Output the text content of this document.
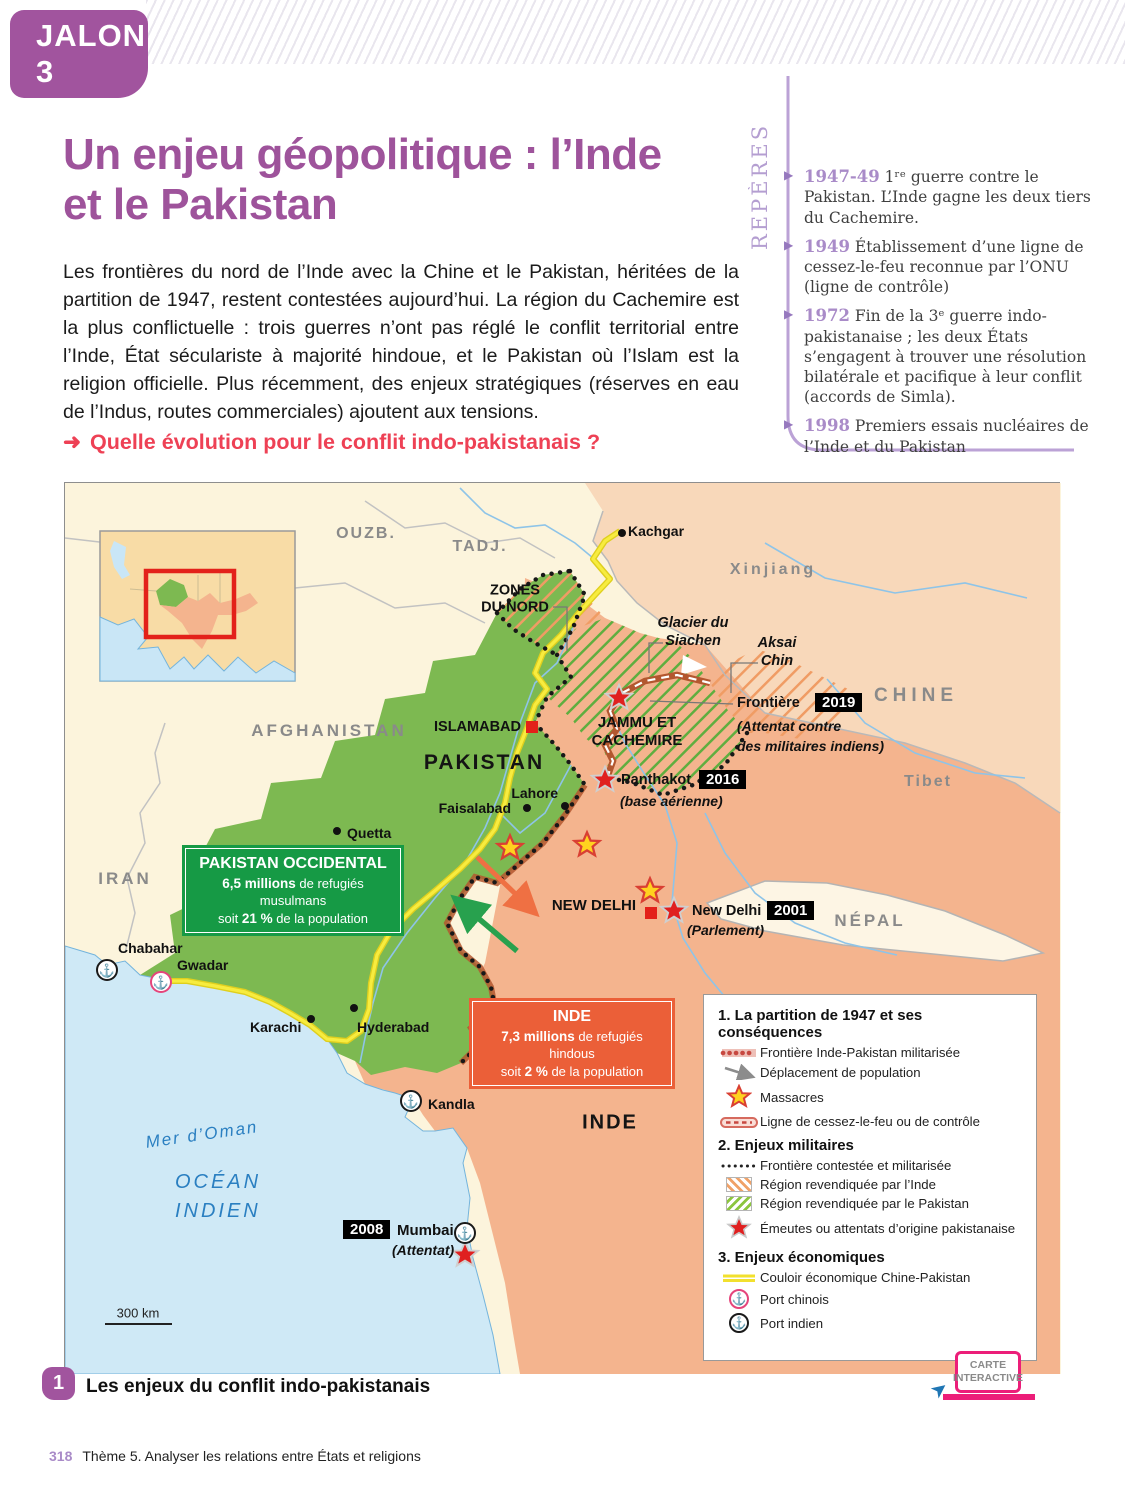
JALON 3
Un enjeu géopolitique : l’Inde
et le Pakistan
Les frontières du nord de l’Inde avec la Chine et le Pakistan, héritées de la partition de 1947, restent contestées aujourd’hui. La région du Cachemire est la plus conflictuelle : trois guerres n’ont pas réglé le conflit territorial entre l’Inde, État séculariste à majorité hindoue, et le Pakistan où l’Islam est la religion officielle. Plus récemment, des enjeux stratégiques (réserves en eau de l’Indus, routes commerciales) ajoutent aux tensions.
➜ Quelle évolution pour le conflit indo-pakistanais ?
REPÈRES ▶ 1947-49 1ʳᵉ guerre contre le Pakistan. L’Inde gagne les deux tiers du Cachemire.
▶ 1949 Établissement d’une ligne de cessez-le-feu reconnue par l’ONU (ligne de contrôle)
▶ 1972 Fin de la 3ᵉ guerre indo-pakistanaise ; les deux États s’engagent à trouver une résolution bilatérale et pacifique à leur conflit (accords de Simla).
▶ 1998 Premiers essais nucléaires de l’Inde et du Pakistan
OUZB.
TADJ.
Xinjiang
CHINE
Tibet
AFGHANISTAN
IRAN
NÉPAL
PAKISTAN
INDE
ZONES
DU NORD
Glacier du
Siachen	Aksai
Chin
JAMMU ET
CACHEMIRE
Mer d’Oman
OCÉAN
INDIEN
Kachgar
ISLAMABAD
Lahore
Faisalabad
Quetta
Chabahar
Gwadar
Karachi	Hyderabad
Kandla
NEW DELHI
Frontière	2019
(Attentat contre
des militaires indiens)
Panthakot 2016
(base aérienne)
New Delhi 2001
(Parlement)
2008 Mumbai
(Attentat)
⚓
⚓
⚓
⚓
300 km
PAKISTAN OCCIDENTAL
6,5 millions de refugiés musulmans
soit 21 % de la population
INDE
7,3 millions de refugiés hindous
soit 2 % de la population
1. La partition de 1947 et ses conséquences
Frontière Inde-Pakistan militarisée
Déplacement de population
Massacres
Ligne de cessez-le-feu ou de contrôle
2. Enjeux militaires
Frontière contestée et militarisée
Région revendiquée par l’Inde
Région revendiquée par le Pakistan
Émeutes ou attentats d’origine pakistanaise
3. Enjeux économiques
Couloir économique Chine-Pakistan
⚓ Port chinois
⚓ Port indien
CARTE
INTERACTIVE
➤
1	Les enjeux du conflit indo-pakistanais
318 Thème 5. Analyser les relations entre États et religions
